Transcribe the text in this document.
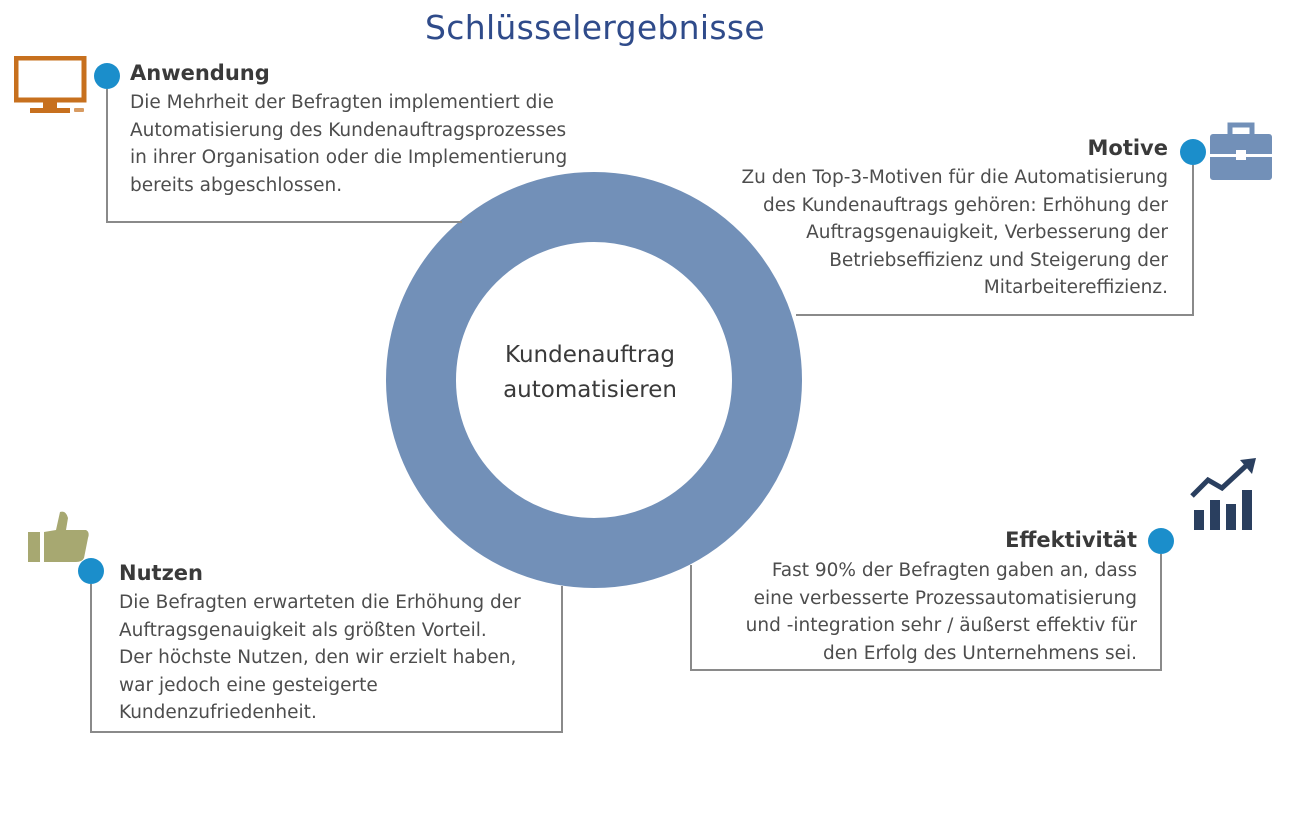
Schlüsselergebnisse
Kundenauftrag
automatisieren
Anwendung
Die Mehrheit der Befragten implementiert die
Automatisierung des Kundenauftragsprozesses
in ihrer Organisation oder die Implementierung
bereits abgeschlossen.
Motive
Zu den Top-3-Motiven für die Automatisierung
des Kundenauftrags gehören: Erhöhung der
Auftragsgenauigkeit, Verbesserung der
Betriebseffizienz und Steigerung der
Mitarbeitereffizienz.
Nutzen
Die Befragten erwarteten die Erhöhung der
Auftragsgenauigkeit als größten Vorteil.
Der höchste Nutzen, den wir erzielt haben,
war jedoch eine gesteigerte
Kundenzufriedenheit.
Effektivität
Fast 90% der Befragten gaben an, dass
eine verbesserte Prozessautomatisierung
und -integration sehr / äußerst effektiv für
den Erfolg des Unternehmens sei.
